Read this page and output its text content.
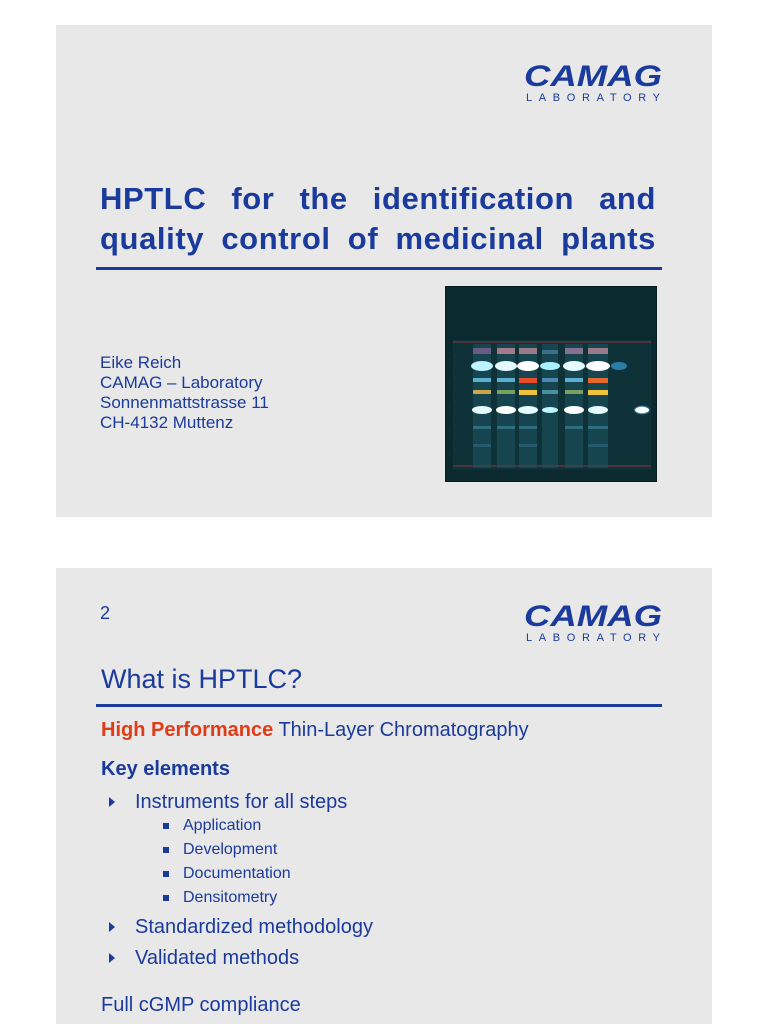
CAMAG
LABORATORY
HPTLC for the identification and quality control of medicinal plants
Eike Reich
CAMAG – Laboratory
Sonnenmattstrasse 11
CH-4132 Muttenz
-
-
-
-
-
-
-
-
-
2	CAMAG
LABORATORY
What is HPTLC?
High Performance Thin-Layer Chromatography
Key elements
Instruments for all steps
Application
Development
Documentation
Densitometry
Standardized methodology
Validated methods
Full cGMP compliance
